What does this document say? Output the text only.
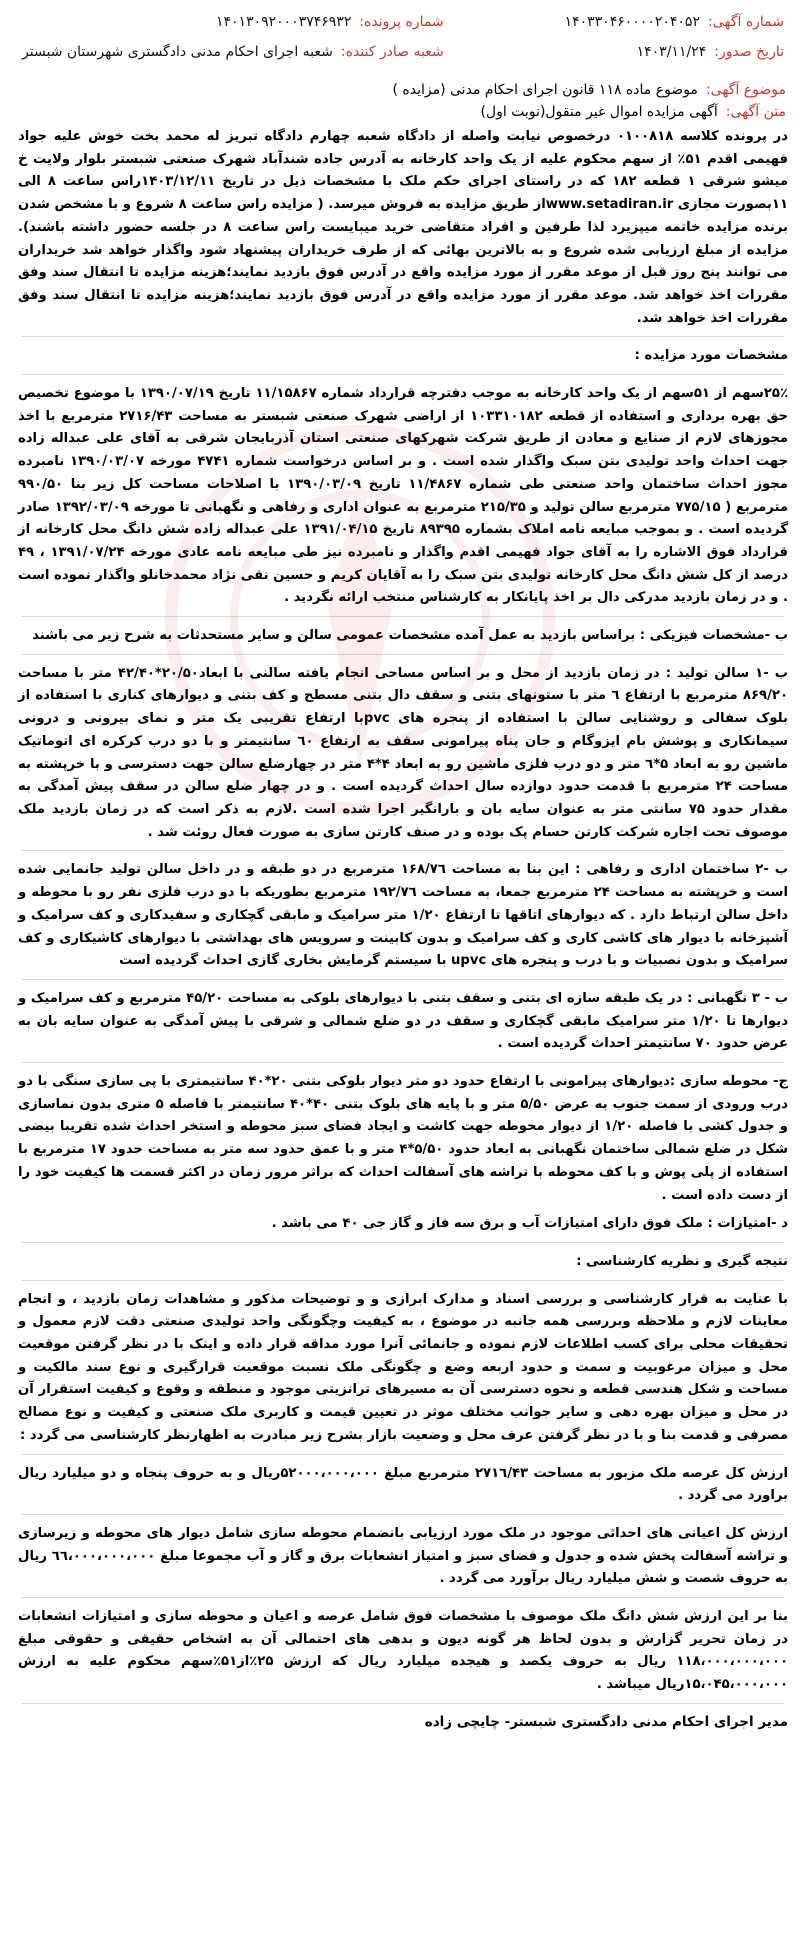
شماره آگهی:
۱۴۰۳۳۰۴۶۰۰۰۰۲۰۴۰۵۲
شماره پرونده:
۱۴۰۱۳۰۹۲۰۰۰۳۷۴۶۹۳۲
تاریخ صدور:
۱۴۰۳/۱۱/۲۴
شعبه صادر کننده:
شعبه اجرای احکام مدنی دادگستری شهرستان شبستر
موضوع آگهی:
موضوع ماده ۱۱۸ قانون اجرای احکام مدنی (مزایده )
متن آگهی:
آگهی مزایده اموال غیر منقول(نوبت اول)

در پرونده کلاسه ۰۱۰۰۸۱۸ درخصوص نیابت واصله از دادگاه شعبه چهارم دادگاه تبریز له محمد بخت خوش علیه جواد فهیمی اقدم ۵۱٪ از سهم محکوم علیه از یک واحد کارخانه به آدرس جاده شندآباد شهرک صنعتی شبستر بلوار ولایت خ میشو شرقی ۱ قطعه ۱۸۲ که در راستای اجرای حکم ملک با مشخصات ذیل در تاریخ ۱۴۰۳/۱۲/۱۱راس ساعت ۸ الی ۱۱بصورت مجازی www.setadiran.irاز طریق مزایده به فروش میرسد. ( مزایده راس ساعت ۸ شروع و با مشخص شدن برنده مزایده خاتمه میپزیرد لذا طرفین و افراد متقاضی خرید میبایست راس ساعت ۸ در جلسه حضور داشته باشند). مزایده از مبلغ ارزیابی شده شروع و به بالاترین بهائی که از طرف خریداران پیشنهاد شود واگذار خواهد شد خریداران می توانند پنج روز قبل از موعد مقرر از مورد مزایده واقع در آدرس فوق بازدید نمایند؛هزینه مزایده تا انتقال سند وفق مقررات اخذ خواهد شد. موعد مقرر از مورد مزایده واقع در آدرس فوق بازدید نمایند؛هزینه مزایده تا انتقال سند وفق مقررات اخذ خواهد شد.

مشخصات مورد مزایده :

۲۵٪سهم از ۵۱سهم از یک واحد کارخانه به موجب دفترچه قرارداد شماره ۱۱/۱۵۸۶۷ تاریخ ۱۳۹۰/۰۷/۱۹ با موضوع تخصیص حق بهره برداری و استفاده از قطعه ۱۰۳۳۱۰۱۸۲ از اراضی شهرک صنعتی شبستر به مساحت ۲۷۱۶/۴۳ مترمربع با اخذ مجوزهای لازم از صنایع و معادن از طریق شرکت شهرکهای صنعتی استان آذربایجان شرقی به آقای علی عبداله زاده جهت احداث واحد تولیدی بتن سبک واگذار شده است . و بر اساس درخواست شماره ۴۷۴۱ مورخه ۱۳۹۰/۰۳/۰۷ نامبرده مجوز احداث ساختمان واحد صنعتی طی شماره ۱۱/۴۸۶۷ تاریخ ۱۳۹۰/۰۳/۰۹ با اصلاحات مساحت کل زیر بنا ۹۹۰/۵۰ مترمربع ( ۷۷۵/۱۵ مترمربع سالن تولید و ۲۱۵/۳۵ مترمربع به عنوان اداری و رفاهی و نگهبانی تا مورخه ۱۳۹۲/۰۳/۰۹ صادر گردیده است . و بموجب مبایعه نامه املاک بشماره ۸۹۳۹۵ تاریخ ۱۳۹۱/۰۴/۱۵ علی عبداله زاده شش دانگ محل کارخانه از قرارداد فوق الاشاره را به آقای جواد فهیمی اقدم واگذار و نامبرده نیز طی مبایعه نامه عادی مورخه ۱۳۹۱/۰۷/۲۴ ، ۴۹ درصد از کل شش دانگ محل کارخانه تولیدی بتن سبک را به آقایان کریم و حسین نقی نژاد محمدخانلو واگذار نموده است . و در زمان بازدید مدرکی دال بر اخذ پایانکار به کارشناس منتخب ارائه نگردید .

ب -مشخصات فیزیکی : براساس بازدید به عمل آمده مشخصات عمومی سالن و سایر مستحدثات به شرح زیر می باشند

ب -۱ سالن تولید : در زمان بازدید از محل و بر اساس مساحی انجام یافته سالنی با ابعاد۲۰/۵۰*۴۲/۴۰ متر با مساحت ۸۶۹/۲۰ مترمربع با ارتفاع ٦ متر با ستونهای بتنی و سقف دال بتنی مسطح و کف بتنی و دیوارهای کناری با استفاده از بلوک سفالی و روشنایی سالن با استفاده از پنجره های pvcبا ارتفاع تقریبی یک متر و نمای بیرونی و درونی سیمانکاری و پوشش بام ایزوگام و جان پناه پیرامونی سقف به ارتفاع ٦٠ سانتیمتر و با دو درب کرکره ای اتوماتیک ماشین رو به ابعاد ۵*٦ متر و دو درب فلزی ماشین رو به ابعاد ۴*۴ متر در چهارضلع سالن جهت دسترسی و با خرپشته به مساحت ۲۴ مترمربع با قدمت حدود دوازده سال احداث گردیده است . و در چهار ضلع سالن در سقف پیش آمدگی به مقدار حدود ۷۵ سانتی متر به عنوان سایه بان و بارانگیر اجرا شده است .لازم به ذکر است که در زمان بازدید ملک موصوف تحت اجاره شرکت کارتن حسام پک بوده و در صنف کارتن سازی به صورت فعال روئت شد .

ب -۲ ساختمان اداری و رفاهی : این بنا به مساحت ۱۶۸/۷٦ مترمربع در دو طبقه و در داخل سالن تولید جانمایی شده است و خرپشته به مساحت ۲۴ مترمربع جمعا، به مساحت ۱۹۲/۷٦ مترمربع بطوریکه با دو درب فلزی نفر رو با محوطه و داخل سالن ارتباط دارد . که دیوارهای اتاقها تا ارتفاع ۱/۲۰ متر سرامیک و مابقی گچکاری و سفیدکاری و کف سرامیک و آشپزخانه با دیوار های کاشی کاری و کف سرامیک و بدون کابینت و سرویس های بهداشتی با دیوارهای کاشیکاری و کف سرامیک و بدون نصبیات و با درب و پنجره های upvc با سیستم گرمایش بخاری گازی احداث گردیده است

ب - ۳ نگهبانی : در یک طبقه سازه ای بتنی و سقف بتنی با دیوارهای بلوکی به مساحت ۴۵/۲۰ مترمربع و کف سرامیک و دیوارها تا ۱/۲۰ متر سرامیک مابقی گچکاری و سقف در دو ضلع شمالی و شرقی با پیش آمدگی به عنوان سایه بان به عرض حدود ۷۰ سانتیمتر احداث گردیده است .

ج- محوطه سازی :دیوارهای پیرامونی با ارتفاع حدود دو متر دیوار بلوکی بتنی ۲۰*۴۰ سانتیمتری با پی سازی سنگی با دو درب ورودی از سمت جنوب به عرض ۵/۵۰ متر و با پایه های بلوک بتنی ۴۰*۴۰ سانتیمتر با فاصله ۵ متری بدون نماسازی و جدول کشی با فاصله ۱/۲۰ از دیوار محوطه جهت کاشت و ایجاد فضای سبز محوطه و استخر احداث شده تقریبا بیضی شکل در ضلع شمالی ساختمان نگهبانی به ابعاد حدود ۵/۵۰*۴ متر و با عمق حدود سه متر به مساحت حدود ۱۷ مترمربع با استفاده از پلی پوش و با کف محوطه با تراشه های آسفالت احداث که براثر مرور زمان در اکثر قسمت ها کیفیت خود را از دست داده است .

د -امتیازات : ملک فوق دارای امتیازات آب و برق سه فاز و گاز جی ۴۰ می باشد .

نتیجه گیری و نظریه کارشناسی :

با عنایت به قرار کارشناسی و بررسی اسناد و مدارک ابرازی و و توضیحات مذکور و مشاهدات زمان بازدید ، و انجام معاینات لازم و ملاحظه وبررسی همه جانبه در موضوع ، به کیفیت وچگونگی واحد تولیدی صنعتی دقت لازم معمول و تحقیقات محلی برای کسب اطلاعات لازم نموده و جانمائی آنرا مورد مداقه قرار داده و اینک با در نظر گرفتن موقعیت محل و میزان مرغوبیت و سمت و حدود اربعه وضع و چگونگی ملک نسبت موقعیت قرارگیری و نوع سند مالکیت و مساحت و شکل هندسی قطعه و نحوه دسترسی آن به مسیرهای ترانزیتی موجود و منطقه و وقوع و کیفیت استقرار آن در محل و میزان بهره دهی و سایر جوانب مختلف موثر در تعیین قیمت و کاربری ملک صنعتی و کیفیت و نوع مصالح مصرفی و قدمت بنا و با در نظر گرفتن عرف محل و وضعیت بازار بشرح زیر مبادرت به اظهارنظر کارشناسی می گردد :

ارزش کل عرصه ملک مزبور به مساحت ۲۷۱٦/۴۳ مترمربع مبلغ ۵۲۰۰۰،۰۰۰،۰۰۰ریال و به حروف پنجاه و دو میلیارد ریال براورد می گردد .

ارزش کل اعیانی های احداثی موجود در ملک مورد ارزیابی بانضمام محوطه سازی شامل دیوار های محوطه و زیرسازی و تراشه آسفالت پخش شده و جدول و فضای سبز و امتیاز انشعابات برق و گاز و آب مجموعا مبلغ ٦٦،۰۰۰،۰۰۰،۰۰۰ ریال به حروف شصت و شش میلیارد ریال برآورد می گردد .

بنا بر این ارزش شش دانگ ملک موصوف با مشخصات فوق شامل عرصه و اعیان و محوطه سازی و امتیازات انشعابات در زمان تحریر گزارش و بدون لحاظ هر گونه دیون و بدهی های احتمالی آن به اشخاص حقیقی و حقوقی مبلغ ۱۱۸،۰۰۰،۰۰۰،۰۰۰ ریال به حروف یکصد و هیجده میلیارد ریال که ارزش ۲۵٪از۵۱٪سهم محکوم علیه به ارزش ۱۵،۰۴۵،۰۰۰،۰۰۰ریال میباشد .

مدیر اجرای احکام مدنی دادگستری شبستر- چایچی زاده
